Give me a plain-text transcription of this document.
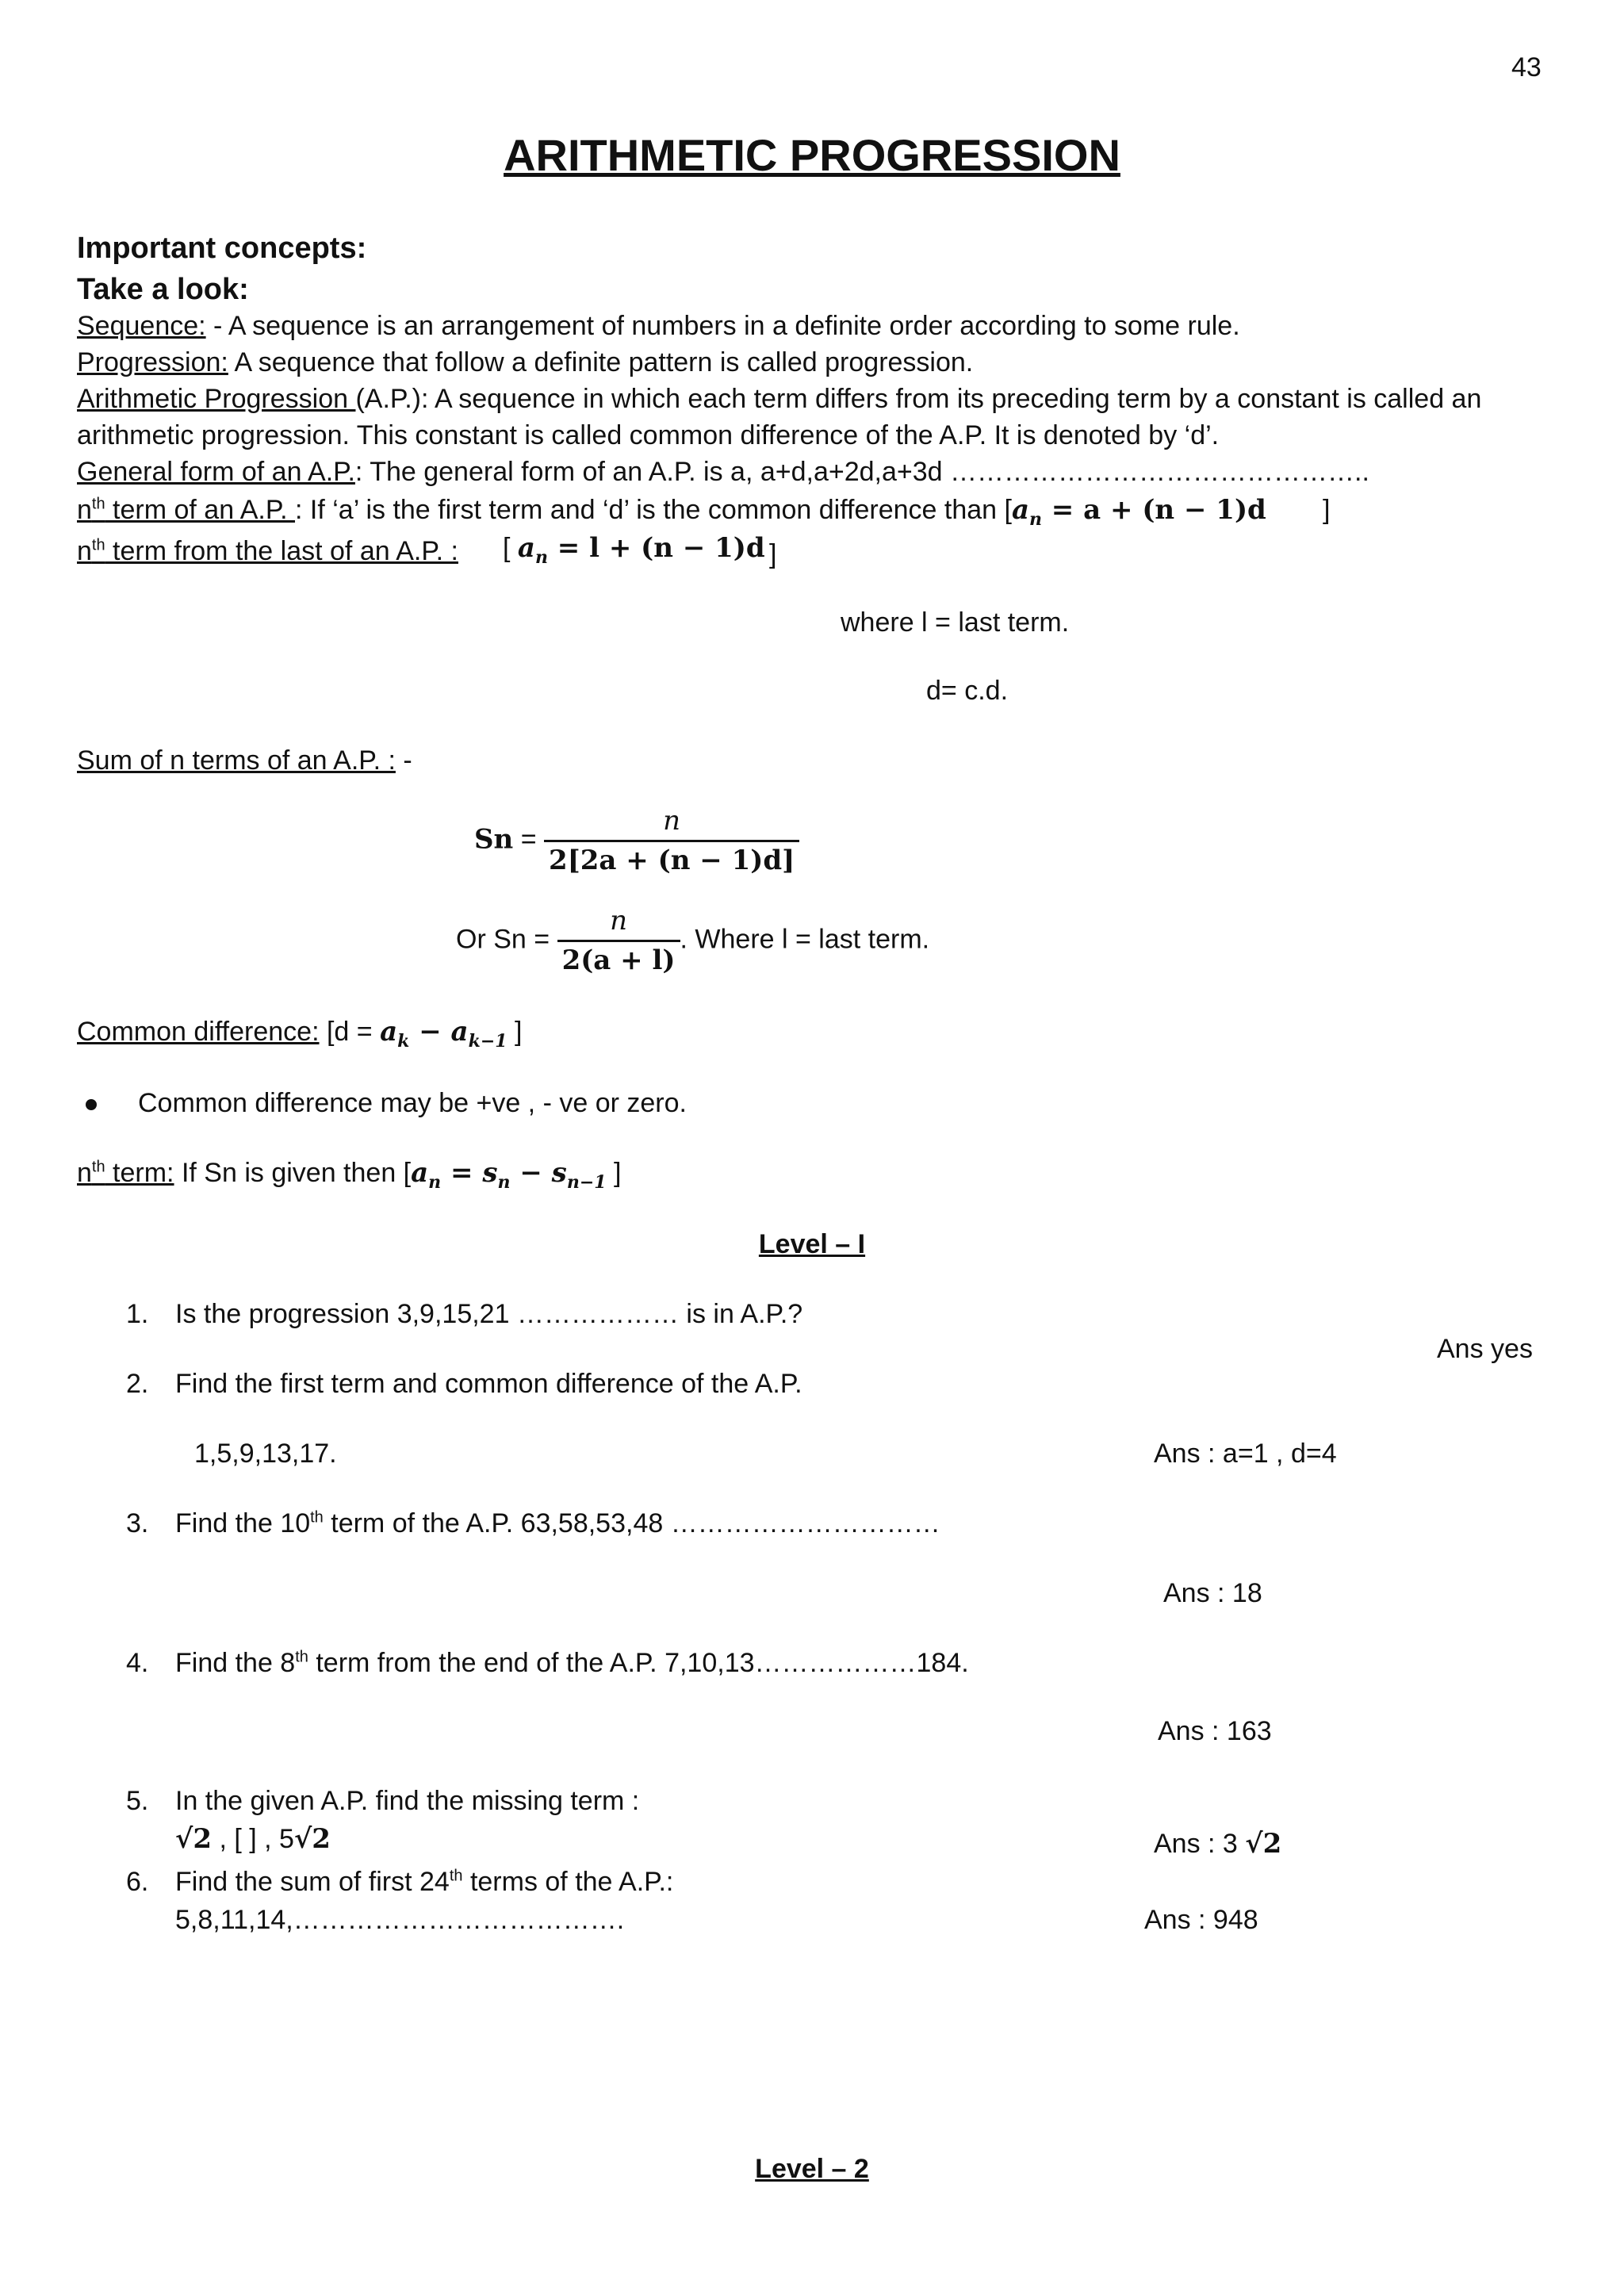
43
ARITHMETIC PROGRESSION
Important concepts:
Take a look:
Sequence: - A sequence is an arrangement of numbers in a definite order according to some rule.
Progression: A sequence that follow a definite pattern is called progression.
Arithmetic Progression (A.P.): A sequence in which each term differs from its preceding term by a constant is called an
arithmetic progression. This constant is called common difference of the A.P. It is denoted by ‘d’.
General form of an A.P.: The general form of an A.P. is a, a+d,a+2d,a+3d ………………………………………..
$n^{th}$ term of an A.P. : If ‘a’ is the first term and ‘d’ is the common difference than [$a_n = a + (n - 1)d$ ]
$n^{th}$ term from the last of an A.P. : [ $a_n = l + (n - 1)d$ ]
where l = last term.
d= c.d.
Sum of n terms of an A.P. : -
$Sn = \frac{n}{2[2a + (n - 1)d]}$
Or $Sn = \frac{n}{2(a + l)}$ . Where l = last term.
Common difference: [$d = a_k - a_{k-1}$ ]
Common difference may be +ve , - ve or zero.
$n^{th}$ term: If Sn is given then [$a_n = s_n - s_{n-1}$ ]
Level – I
1. Is the progression 3,9,15,21 ……………… is in A.P.?
Ans yes
2. Find the first term and common difference of the A.P.
1,5,9,13,17.	Ans : a=1 , d=4
3. Find the 10th term of the A.P. 63,58,53,48 …………………………
Ans : 18
4. Find the 8th term from the end of the A.P. 7,10,13………………184.
Ans : 163
5. In the given A.P. find the missing term :
√2 , [ ] , 5√2	Ans : 3 √2
6. Find the sum of first 24th terms of the A.P.:
5,8,11,14,……………………………….	Ans : 948
Level – 2
